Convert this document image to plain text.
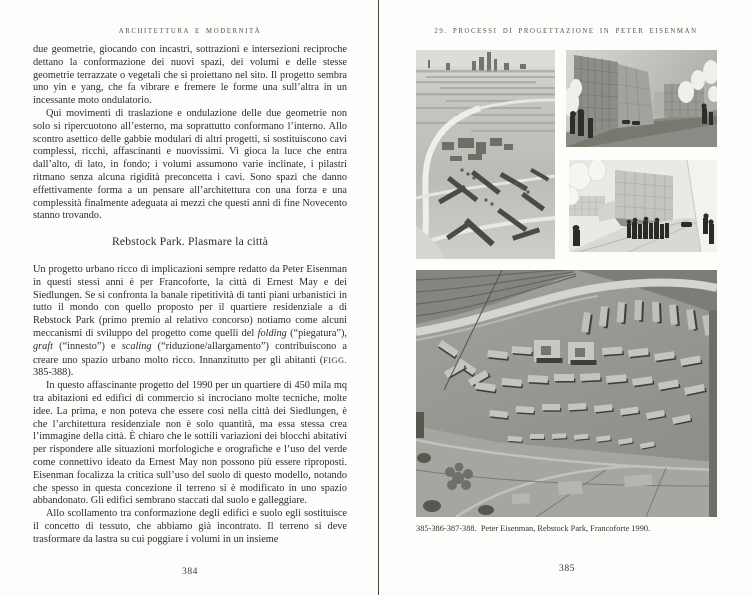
ARCHITETTURA E MODERNITÀ

due geometrie, giocando con incastri, sottrazioni e intersezioni reciproche dettano la conformazione dei nuovi spazi, dei volumi e delle stesse geometrie terrazzate o vegetali che si proiettano nel sito. Il progetto sembra uno yin e yang, che fa vibrare e fremere le forme una sull’altra in un incessante moto ondulatorio.

Qui movimenti di traslazione e ondulazione delle due geometrie non solo si ripercuotono all’esterno, ma soprattutto conformano l’interno. Allo scontro asettico delle gabbie modulari di altri progetti, si sostituiscono cavi complessi, ricchi, affascinanti e nuovissimi. Vi gioca la luce che entra dall’alto, di lato, in fondo; i volumi assumono varie inclinate, i pilastri ritmano senza alcuna rigidità preconcetta i cavi. Sono spazi che danno effettivamente forma a un pensare all’architettura con una forza e una complessità finalmente adeguata ai mezzi che questi anni di fine Novecento stanno trovando.

Rebstock Park. Plasmare la città

Un progetto urbano ricco di implicazioni sempre redatto da Peter Eisenman in questi stessi anni è per Francoforte, la città di Ernest May e dei Siedlungen. Se si confronta la banale ripetitività di tanti piani urbanistici in tutto il mondo con quello proposto per il quartiere residenziale a di Rebstock Park (primo premio al relativo concorso) notiamo come alcuni meccanismi di sviluppo del progetto come quelli del folding (“piegatura”), graft (“innesto”) e scaling (“riduzione/allargamento”) contribuiscono a creare uno spazio urbano molto ricco. Innanzitutto per gli abitanti (FIGG. 385-388).

In questo affascinante progetto del 1990 per un quartiere di 450 mila mq tra abitazioni ed edifici di commercio si incrociano molte tecniche, molte idee. La prima, e non poteva che essere così nella città dei Siedlungen, è che l’architettura residenziale non è solo quantità, ma essa stessa crea l’immagine della città. È chiaro che le sottili variazioni dei blocchi abitativi per rispondere alle situazioni morfologiche e orografiche e l’uso del verde come connettivo ideato da Ernest May non possono più essere riproposti. Eisenman focalizza la critica sull’uso del suolo di questo modello, notando che spesso in questa concezione il terreno si è modificato in uno spazio abbandonato. Gli edifici sembrano staccati dal suolo e galleggiare.

Allo scollamento tra conformazione degli edifici e suolo egli sostituisce il concetto di tessuto, che abbiamo già incontrato. Il terreno si deve trasformare da lastra su cui poggiare i volumi in un insieme

384
29. PROCESSI DI PROGETTAZIONE IN PETER EISENMAN
385-386-387-388.  Peter Eisenman, Rebstock Park, Francoforte 1990.
385
